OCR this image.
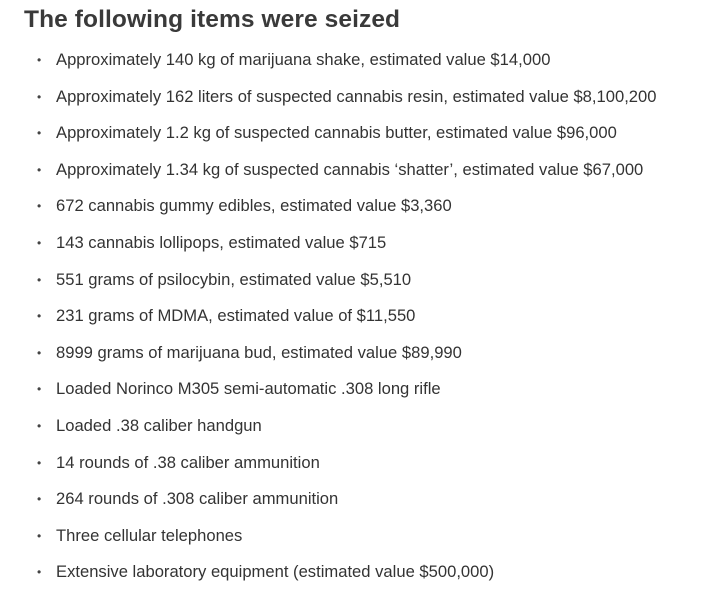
The following items were seized
• Approximately 140 kg of marijuana shake, estimated value $14,000
• Approximately 162 liters of suspected cannabis resin, estimated value $8,100,200
• Approximately 1.2 kg of suspected cannabis butter, estimated value $96,000
• Approximately 1.34 kg of suspected cannabis ‘shatter’, estimated value $67,000
• 672 cannabis gummy edibles, estimated value $3,360
• 143 cannabis lollipops, estimated value $715
• 551 grams of psilocybin, estimated value $5,510
• 231 grams of MDMA, estimated value of $11,550
• 8999 grams of marijuana bud, estimated value $89,990
• Loaded Norinco M305 semi-automatic .308 long rifle
• Loaded .38 caliber handgun
• 14 rounds of .38 caliber ammunition
• 264 rounds of .308 caliber ammunition
• Three cellular telephones
• Extensive laboratory equipment (estimated value $500,000)
